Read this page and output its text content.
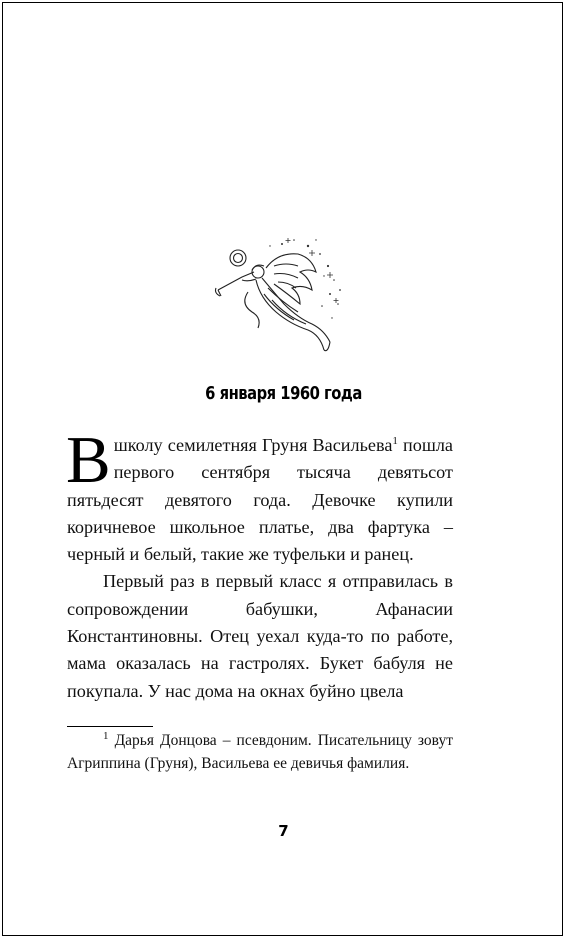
6 января 1960 года

В школу семилетняя Груня Васильева$^1$ пошла первого сентября тысяча девятьсот пятьдесят девятого года. Девочке купили коричневое школьное платье, два фартука – черный и белый, такие же туфельки и ранец.

Первый раз в первый класс я отправилась в сопровождении бабушки, Афанасии Константиновны. Отец уехал куда-то по работе, мама оказалась на гастролях. Букет бабуля не покупала. У нас дома на окнах буйно цвела

$^1$ Дарья Донцова – псевдоним. Писательницу зовут Агриппина (Груня), Васильева ее девичья фамилия.

7
